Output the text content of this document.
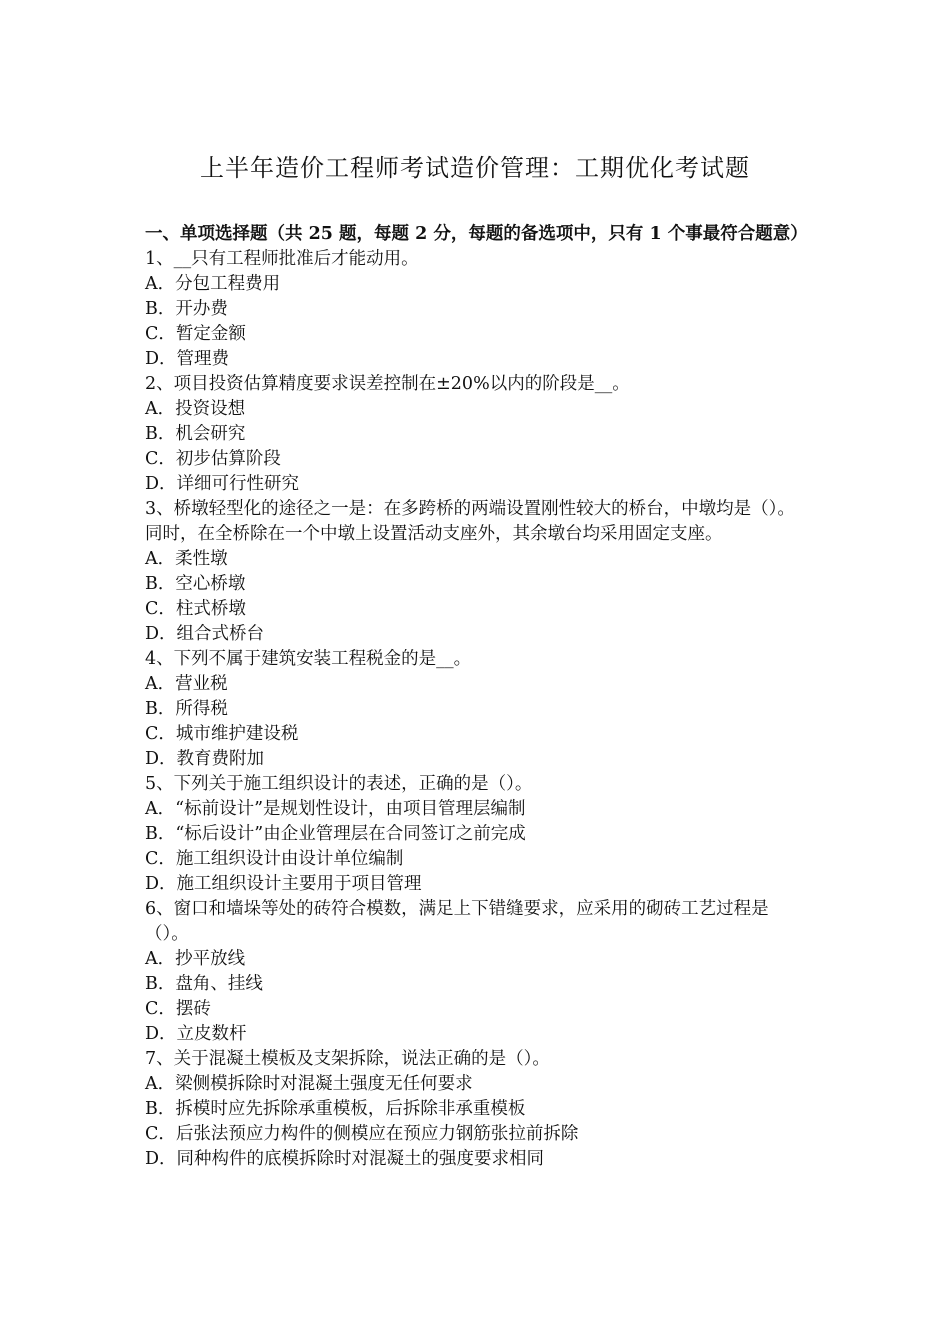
上半年造价工程师考试造价管理：工期优化考试题
一、单项选择题（共 25 题，每题 2 分，每题的备选项中，只有 1 个事最符合题意）
1、__只有工程师批准后才能动用。
A．分包工程费用
B．开办费
C．暂定金额
D．管理费
2、项目投资估算精度要求误差控制在±20%以内的阶段是__。
A．投资设想
B．机会研究
C．初步估算阶段
D．详细可行性研究
3、桥墩轻型化的途径之一是：在多跨桥的两端设置刚性较大的桥台，中墩均是（）。同时，在全桥除在一个中墩上设置活动支座外，其余墩台均采用固定支座。
A．柔性墩
B．空心桥墩
C．柱式桥墩
D．组合式桥台
4、下列不属于建筑安装工程税金的是__。
A．营业税
B．所得税
C．城市维护建设税
D．教育费附加
5、下列关于施工组织设计的表述，正确的是（）。
A．“标前设计”是规划性设计，由项目管理层编制
B．“标后设计”由企业管理层在合同签订之前完成
C．施工组织设计由设计单位编制
D．施工组织设计主要用于项目管理
6、窗口和墙垛等处的砖符合模数，满足上下错缝要求，应采用的砌砖工艺过程是（）。
A．抄平放线
B．盘角、挂线
C．摆砖
D．立皮数杆
7、关于混凝土模板及支架拆除，说法正确的是（）。
A．梁侧模拆除时对混凝土强度无任何要求
B．拆模时应先拆除承重模板，后拆除非承重模板
C．后张法预应力构件的侧模应在预应力钢筋张拉前拆除
D．同种构件的底模拆除时对混凝土的强度要求相同
